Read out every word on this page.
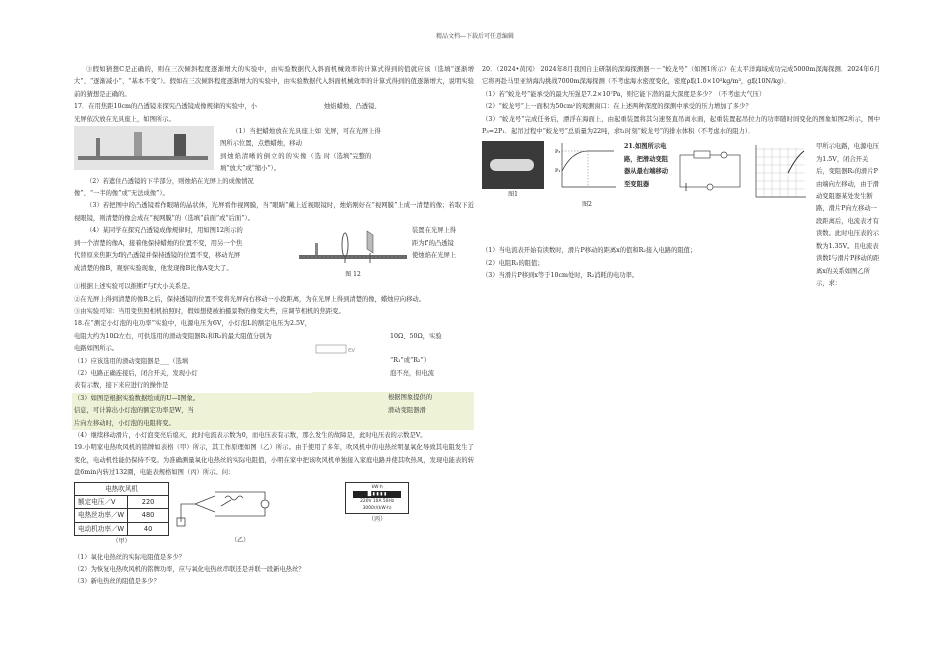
精品文档---下载后可任意编辑

③假如猜想C是正确的，则在三次倾斜程度逐渐增大的实验中，由实验数据代入斜面机械效率的计算式得到的值就应该（选填“逐渐增大”、“逐渐减小”、“基本不变”）。假如在三次倾斜程度逐渐增大的实验中，由实验数据代入斜面机械效率的计算式得到的值逐渐增大，说明实验前的猜想是正确的。

烛焰蜡烛、凸透镜、

光屏，可在光屏上得

时（选填“完整的

17．在用焦距10cm的凸透镜来探究凸透镜成像规律的实验中，小

光屏依次放在光具座上，如图所示。

（1）当把蜡烛放在光具座上如图所示位置，点燃蜡烛，移动

到烛焰清晰的倒立的的实像（选填“放大”或“缩小”）。

（2）若遮住凸透镜的下半部分，则烛焰在光屏上的成像情况

像”、“一半的像”或“无法成像”）。

（3）若把图中的凸透镜看作眼睛的晶状体，光屏看作视网膜，当“眼睛”戴上近视眼镜时，烛焰刚好在“视网膜”上成一清楚的像；若取下近视眼镜，则清楚的像会成在“视网膜”的（选填“前面”或“后面”）。

装置在光屏上得

距为f'的凸透镜

使烛焰在光屏上

图 12

（4）某同学在探究凸透镜成像规律时，用如图12所示的

到一个清楚的像A，接着他保持蜡烛的位置不变，用另一个焦

代替原来焦距为f的凸透镜并保持透镜的位置不变，移动光屏

成清楚的像B，观察实验现象，他发现像B比像A变大了。

①根据上述实验可以推断f'与f大小关系是。

②在光屏上得到清楚的像B之后，保持透镜的位置不变将光屏向右移动一小段距离，为在光屏上得到清楚的像，蜡烛应向移动。

③由实验可知：当用变焦照相机拍照时，假如想使被拍摄景物的像变大些，应调节相机的焦距变。

10Ω、50Ω，实验

ЄV

“R₁”或“R₂”）

泡不亮，但电流

根据图象提供的

滑动变阻器滑

18.在“测定小灯泡的电功率”实验中，电源电压为6V，小灯泡L的额定电压为2.5V，电阻大约为10Ω左右，可供选用的滑动变阻器R₁和R₂的最大阻值分别为

电路如图所示。

（1）应该选用的滑动变阻器是___（选填

（2）电路正确连接后，闭合开关，发现小灯

表有示数，接下来应进行的操作是

（3）如图是根据实验数据绘成的U—I图象。

信息，可计算出小灯泡的额定功率是W，当

片向左移动时，小灯泡的电阻将变。

（4）继续移动滑片，小灯泡变亮后熄灭，此时电流表示数为0，而电压表有示数，那么发生的故障是，此时电压表的示数是V。

19.小明家电热吹风机的铭牌如表格（甲）所示，其工作原理如图（乙）所示。由于使用了多年，吹风机中的电热丝明显氧化导致其电阻发生了变化，电动机性能仍保持不变。为准确测量氧化电热丝的实际电阻值，小明在家中把该吹风机单独接入家庭电路并使其吹热风，发现电能表的转盘6min内转过132圈，电能表规格如图（丙）所示。问：

电热吹风机	
额定电压／V	220
电热丝功率／W	480
电动机功率／W	40
（甲）	（乙）
kW·h
█ ▮ ▮ ▮ ▮
220V 10A 50Hz
3000r/(kW·h)
（丙）

（1）氧化电热丝的实际电阻值是多少？

（2）为恢复电热吹风机的铭牌功率，应与氧化电热丝串联还是并联一段新电热丝？

（3）新电热丝的阻值是多少？

20．（2024•黄冈） 2024年8月我国自主研制的深海探测器－－“蛟龙号”（如图1所示）在太平洋海域成功完成5000m深海探测．2024年6月它将再赴马里亚纳海沟挑战7000m深海探测（不考虑海水密度变化，密度ρ取1.0×10³kg/m³，g取10N/kg）．

（1）若“蛟龙号”能承受的最大压强是7.2×10⁷Pa，则它能下潜的最大深度是多少？（不考虑大气压）

（2）“蛟龙号”上一面积为50cm²的观测窗口：在上述两种深度的探测中承受的压力增加了多少？

（3）“蛟龙号”完成任务后，漂浮在海面上，由起重装置将其匀速竖直吊离水面，起重装置起吊拉力的功率随时间变化的图象如图2所示，图中P₃=2P₁．起吊过程中“蛟龙号”总质量为22吨，求t₁时刻“蛟龙号”的排水体积（不考虑水的阻力）．

图1
P₃
P₁
图2
21.如图所示电路，把滑动变阻器从最右端移动至变阻器
甲所示电路，电源电压为1.5V，闭合开关后，变阻器R₂的滑片P由端向左移动，由于滑动变阻器某处发生断路，滑片P向左移动一段距离后，电流表才有读数。此时电压表的示数为1.35V。且电流表读数I与滑片P移动的距离x的关系如图乙所示，求：

（1）当电流表开始有读数时，滑片P移动的距离x的值和R₂接入电路的阻值；

（2）电阻R₁的阻值；

（3）当滑片P移到x等于10cm处时，R₂消耗的电功率。
